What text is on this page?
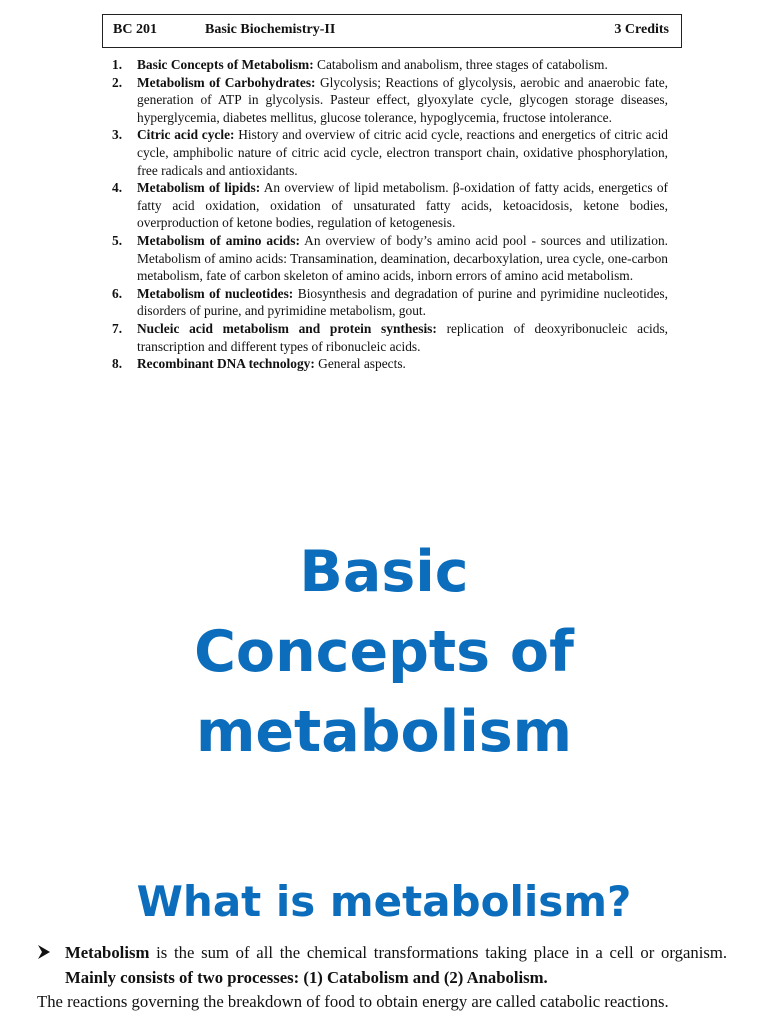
BC 201	Basic Biochemistry-II	3 Credits
1. Basic Concepts of Metabolism: Catabolism and anabolism, three stages of catabolism.
2. Metabolism of Carbohydrates: Glycolysis; Reactions of glycolysis, aerobic and anaerobic fate, generation of ATP in glycolysis. Pasteur effect, glyoxylate cycle, glycogen storage diseases, hyperglycemia, diabetes mellitus, glucose tolerance, hypoglycemia, fructose intolerance.
3. Citric acid cycle: History and overview of citric acid cycle, reactions and energetics of citric acid cycle, amphibolic nature of citric acid cycle, electron transport chain, oxidative phosphorylation, free radicals and antioxidants.
4. Metabolism of lipids: An overview of lipid metabolism. β-oxidation of fatty acids, energetics of fatty acid oxidation, oxidation of unsaturated fatty acids, ketoacidosis, ketone bodies, overproduction of ketone bodies, regulation of ketogenesis.
5. Metabolism of amino acids: An overview of body’s amino acid pool - sources and utilization. Metabolism of amino acids: Transamination, deamination, decarboxylation, urea cycle, one-carbon metabolism, fate of carbon skeleton of amino acids, inborn errors of amino acid metabolism.
6. Metabolism of nucleotides: Biosynthesis and degradation of purine and pyrimidine nucleotides, disorders of purine, and pyrimidine metabolism, gout.
7. Nucleic acid metabolism and protein synthesis: replication of deoxyribonucleic acids, transcription and different types of ribonucleic acids.
8. Recombinant DNA technology: General aspects.
Basic
Concepts of
metabolism
What is metabolism?
Metabolism is the sum of all the chemical transformations taking place in a cell or organism. Mainly consists of two processes: (1) Catabolism and (2) Anabolism.
The reactions governing the breakdown of food to obtain energy are called catabolic reactions.
